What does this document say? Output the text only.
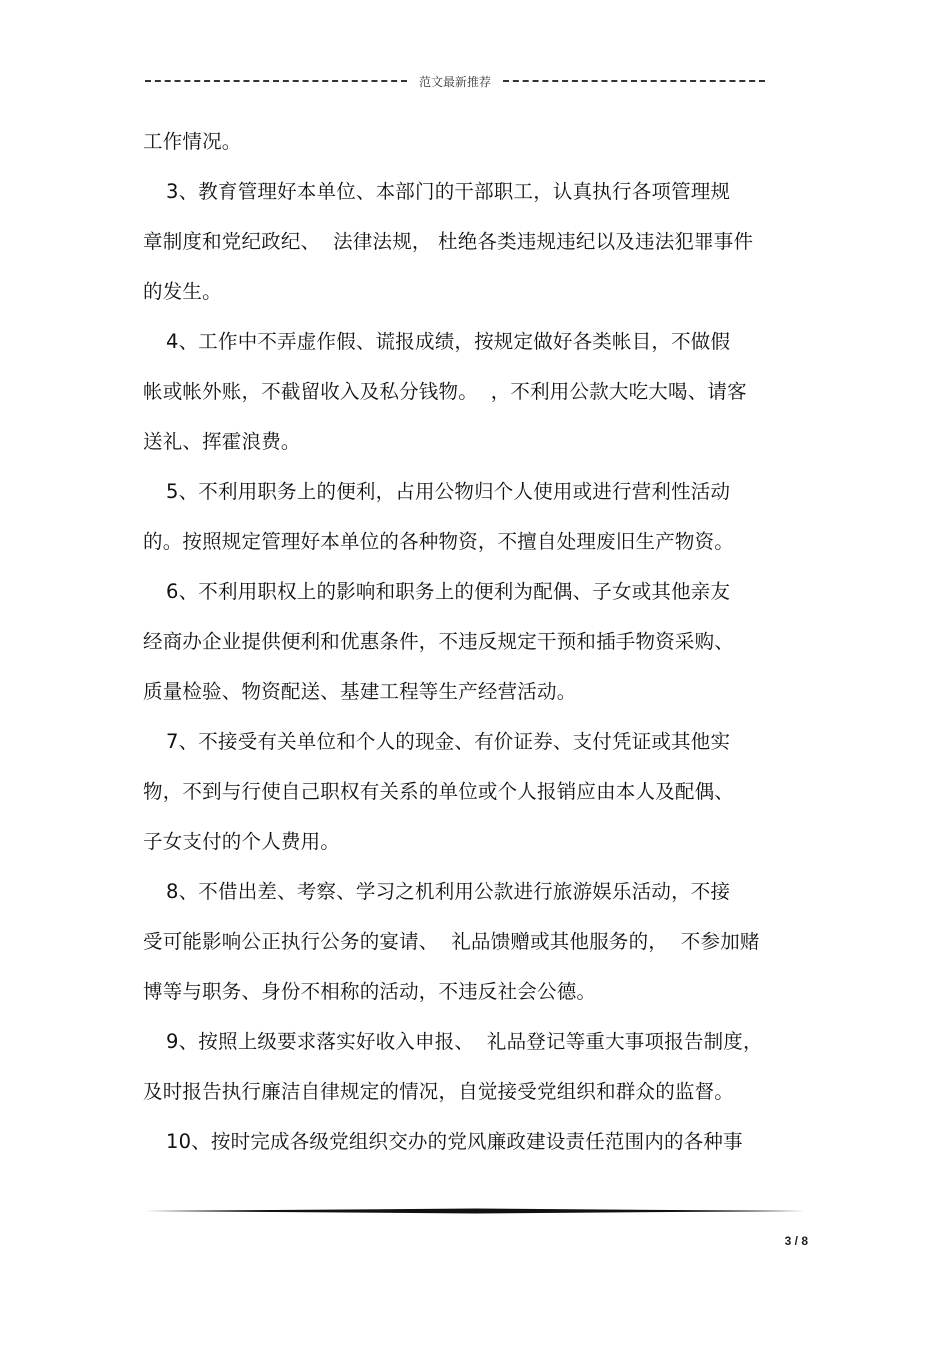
范文最新推荐
工作情况。
3、教育管理好本单位、本部门的干部职工，认真执行各项管理规
章制度和党纪政纪、  法律法规， 杜绝各类违规违纪以及违法犯罪事件
的发生。
4、工作中不弄虚作假、谎报成绩，按规定做好各类帐目，不做假
帐或帐外账，不截留收入及私分钱物。  ，不利用公款大吃大喝、请客
送礼、挥霍浪费。
5、不利用职务上的便利，占用公物归个人使用或进行营利性活动
的。按照规定管理好本单位的各种物资，不擅自处理废旧生产物资。
6、不利用职权上的影响和职务上的便利为配偶、子女或其他亲友
经商办企业提供便利和优惠条件，不违反规定干预和插手物资采购、
质量检验、物资配送、基建工程等生产经营活动。
7、不接受有关单位和个人的现金、有价证券、支付凭证或其他实
物，不到与行使自己职权有关系的单位或个人报销应由本人及配偶、
子女支付的个人费用。
8、不借出差、考察、学习之机利用公款进行旅游娱乐活动，不接
受可能影响公正执行公务的宴请、  礼品馈赠或其他服务的，  不参加赌
博等与职务、身份不相称的活动，不违反社会公德。
9、按照上级要求落实好收入申报、  礼品登记等重大事项报告制度，
及时报告执行廉洁自律规定的情况，自觉接受党组织和群众的监督。
10、按时完成各级党组织交办的党风廉政建设责任范围内的各种事
3 / 8
